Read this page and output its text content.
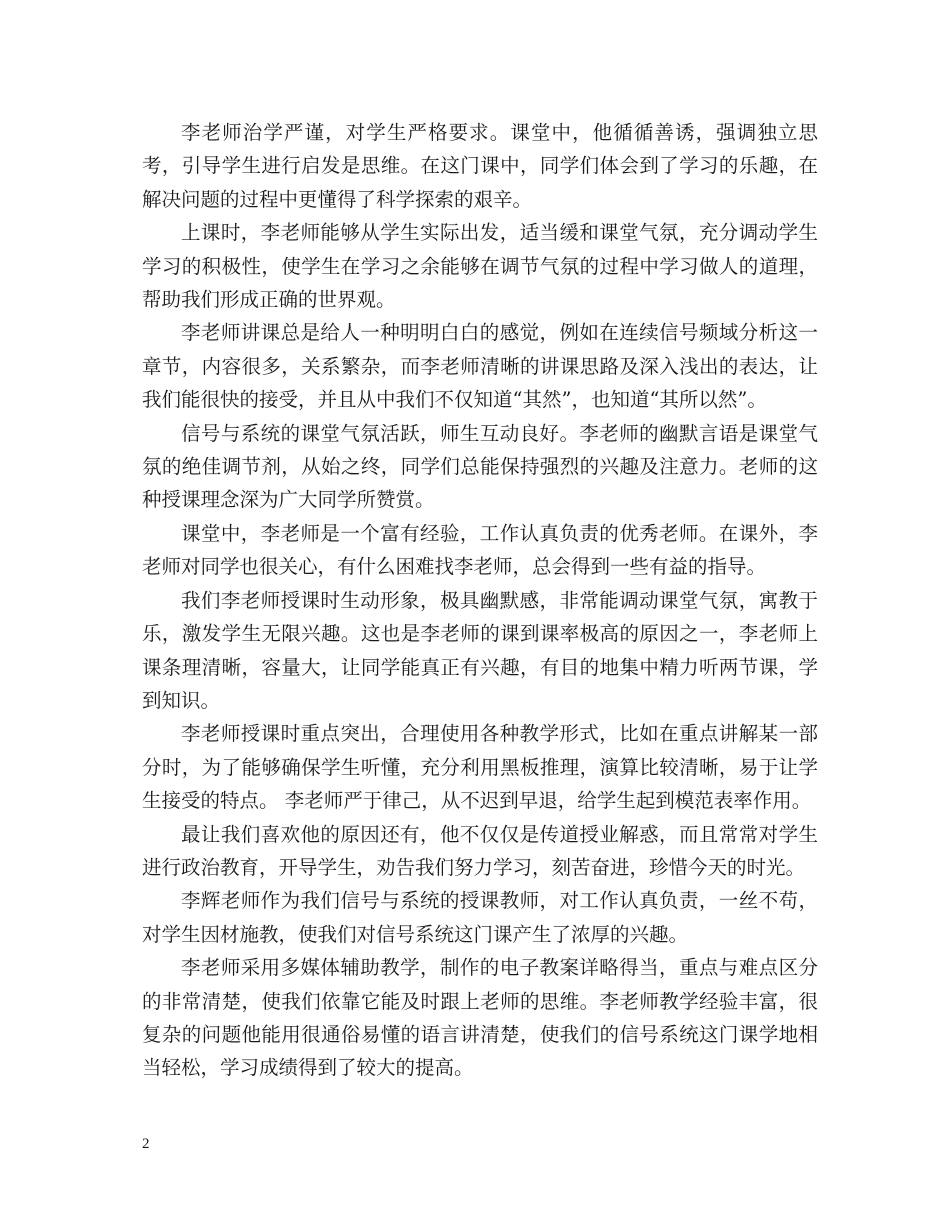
李老师治学严谨，对学生严格要求。课堂中，他循循善诱，强调独立思考，引导学生进行启发是思维。在这门课中，同学们体会到了学习的乐趣，在解决问题的过程中更懂得了科学探索的艰辛。

上课时，李老师能够从学生实际出发，适当缓和课堂气氛，充分调动学生学习的积极性，使学生在学习之余能够在调节气氛的过程中学习做人的道理，帮助我们形成正确的世界观。

李老师讲课总是给人一种明明白白的感觉，例如在连续信号频域分析这一章节，内容很多，关系繁杂，而李老师清晰的讲课思路及深入浅出的表达，让我们能很快的接受，并且从中我们不仅知道“其然”，也知道“其所以然”。

信号与系统的课堂气氛活跃，师生互动良好。李老师的幽默言语是课堂气氛的绝佳调节剂，从始之终，同学们总能保持强烈的兴趣及注意力。老师的这种授课理念深为广大同学所赞赏。

课堂中，李老师是一个富有经验，工作认真负责的优秀老师。在课外，李老师对同学也很关心，有什么困难找李老师，总会得到一些有益的指导。

我们李老师授课时生动形象，极具幽默感，非常能调动课堂气氛，寓教于乐，激发学生无限兴趣。这也是李老师的课到课率极高的原因之一，李老师上课条理清晰，容量大，让同学能真正有兴趣，有目的地集中精力听两节课，学到知识。

李老师授课时重点突出，合理使用各种教学形式，比如在重点讲解某一部分时，为了能够确保学生听懂，充分利用黑板推理，演算比较清晰，易于让学生接受的特点。 李老师严于律己，从不迟到早退，给学生起到模范表率作用。

最让我们喜欢他的原因还有，他不仅仅是传道授业解惑，而且常常对学生进行政治教育，开导学生，劝告我们努力学习，刻苦奋进，珍惜今天的时光。

李辉老师作为我们信号与系统的授课教师，对工作认真负责，一丝不苟，对学生因材施教，使我们对信号系统这门课产生了浓厚的兴趣。

李老师采用多媒体辅助教学，制作的电子教案详略得当，重点与难点区分的非常清楚，使我们依靠它能及时跟上老师的思维。李老师教学经验丰富，很复杂的问题他能用很通俗易懂的语言讲清楚，使我们的信号系统这门课学地相当轻松，学习成绩得到了较大的提高。

2
